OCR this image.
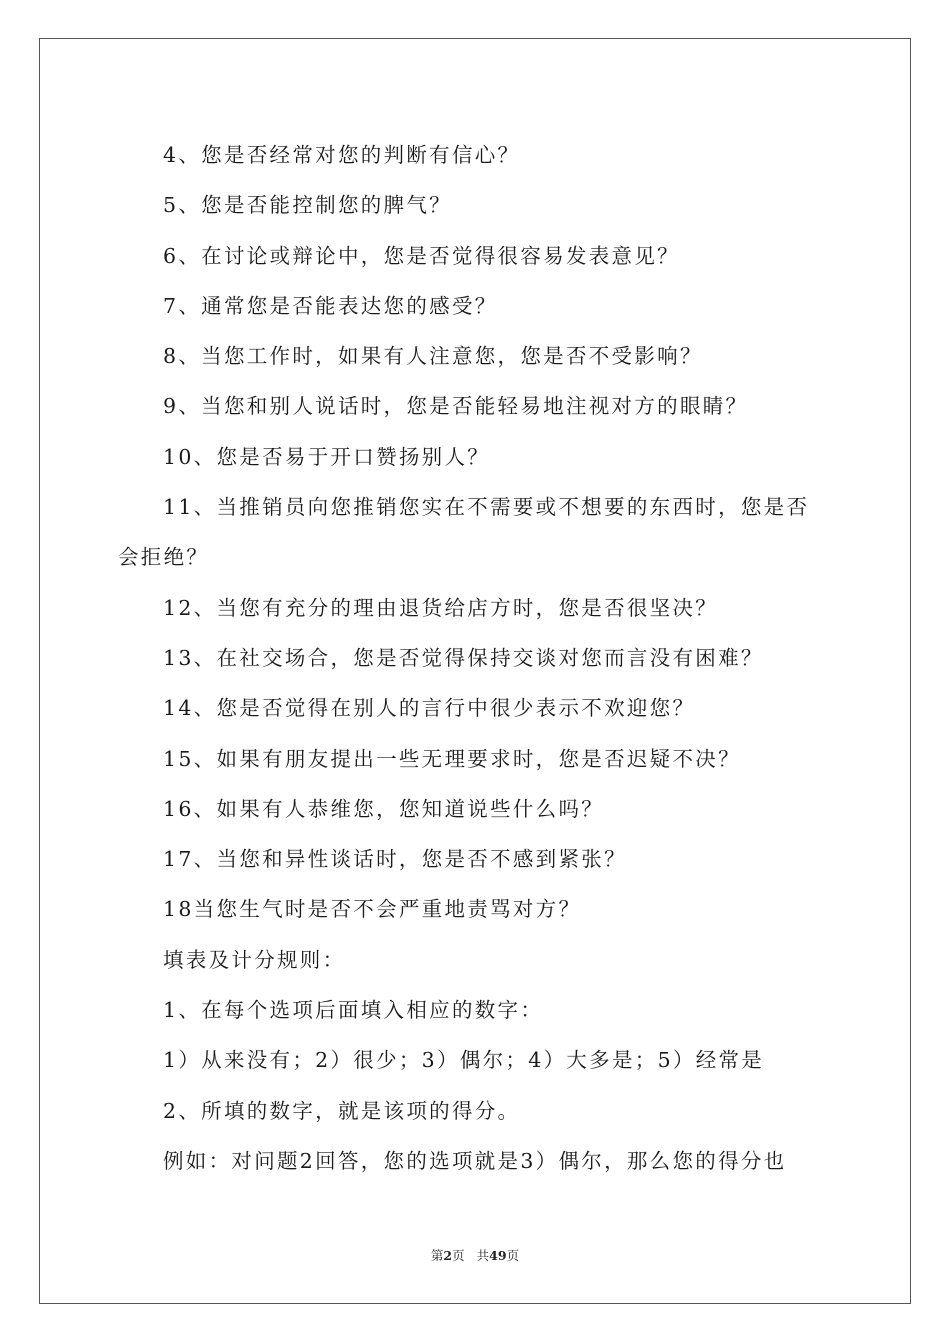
4、您是否经常对您的判断有信心？
5、您是否能控制您的脾气？
6、在讨论或辩论中，您是否觉得很容易发表意见？
7、通常您是否能表达您的感受？
8、当您工作时，如果有人注意您，您是否不受影响？
9、当您和别人说话时，您是否能轻易地注视对方的眼睛？
10、您是否易于开口赞扬别人？
11、当推销员向您推销您实在不需要或不想要的东西时，您是否
会拒绝？
12、当您有充分的理由退货给店方时，您是否很坚决？
13、在社交场合，您是否觉得保持交谈对您而言没有困难？
14、您是否觉得在别人的言行中很少表示不欢迎您？
15、如果有朋友提出一些无理要求时，您是否迟疑不决？
16、如果有人恭维您，您知道说些什么吗？
17、当您和异性谈话时，您是否不感到紧张？
18当您生气时是否不会严重地责骂对方？
填表及计分规则：
1、在每个选项后面填入相应的数字：
1）从来没有；2）很少；3）偶尔；4）大多是；5）经常是
2、所填的数字，就是该项的得分。
例如：对问题2回答，您的选项就是3）偶尔，那么您的得分也
第2页 共49页
